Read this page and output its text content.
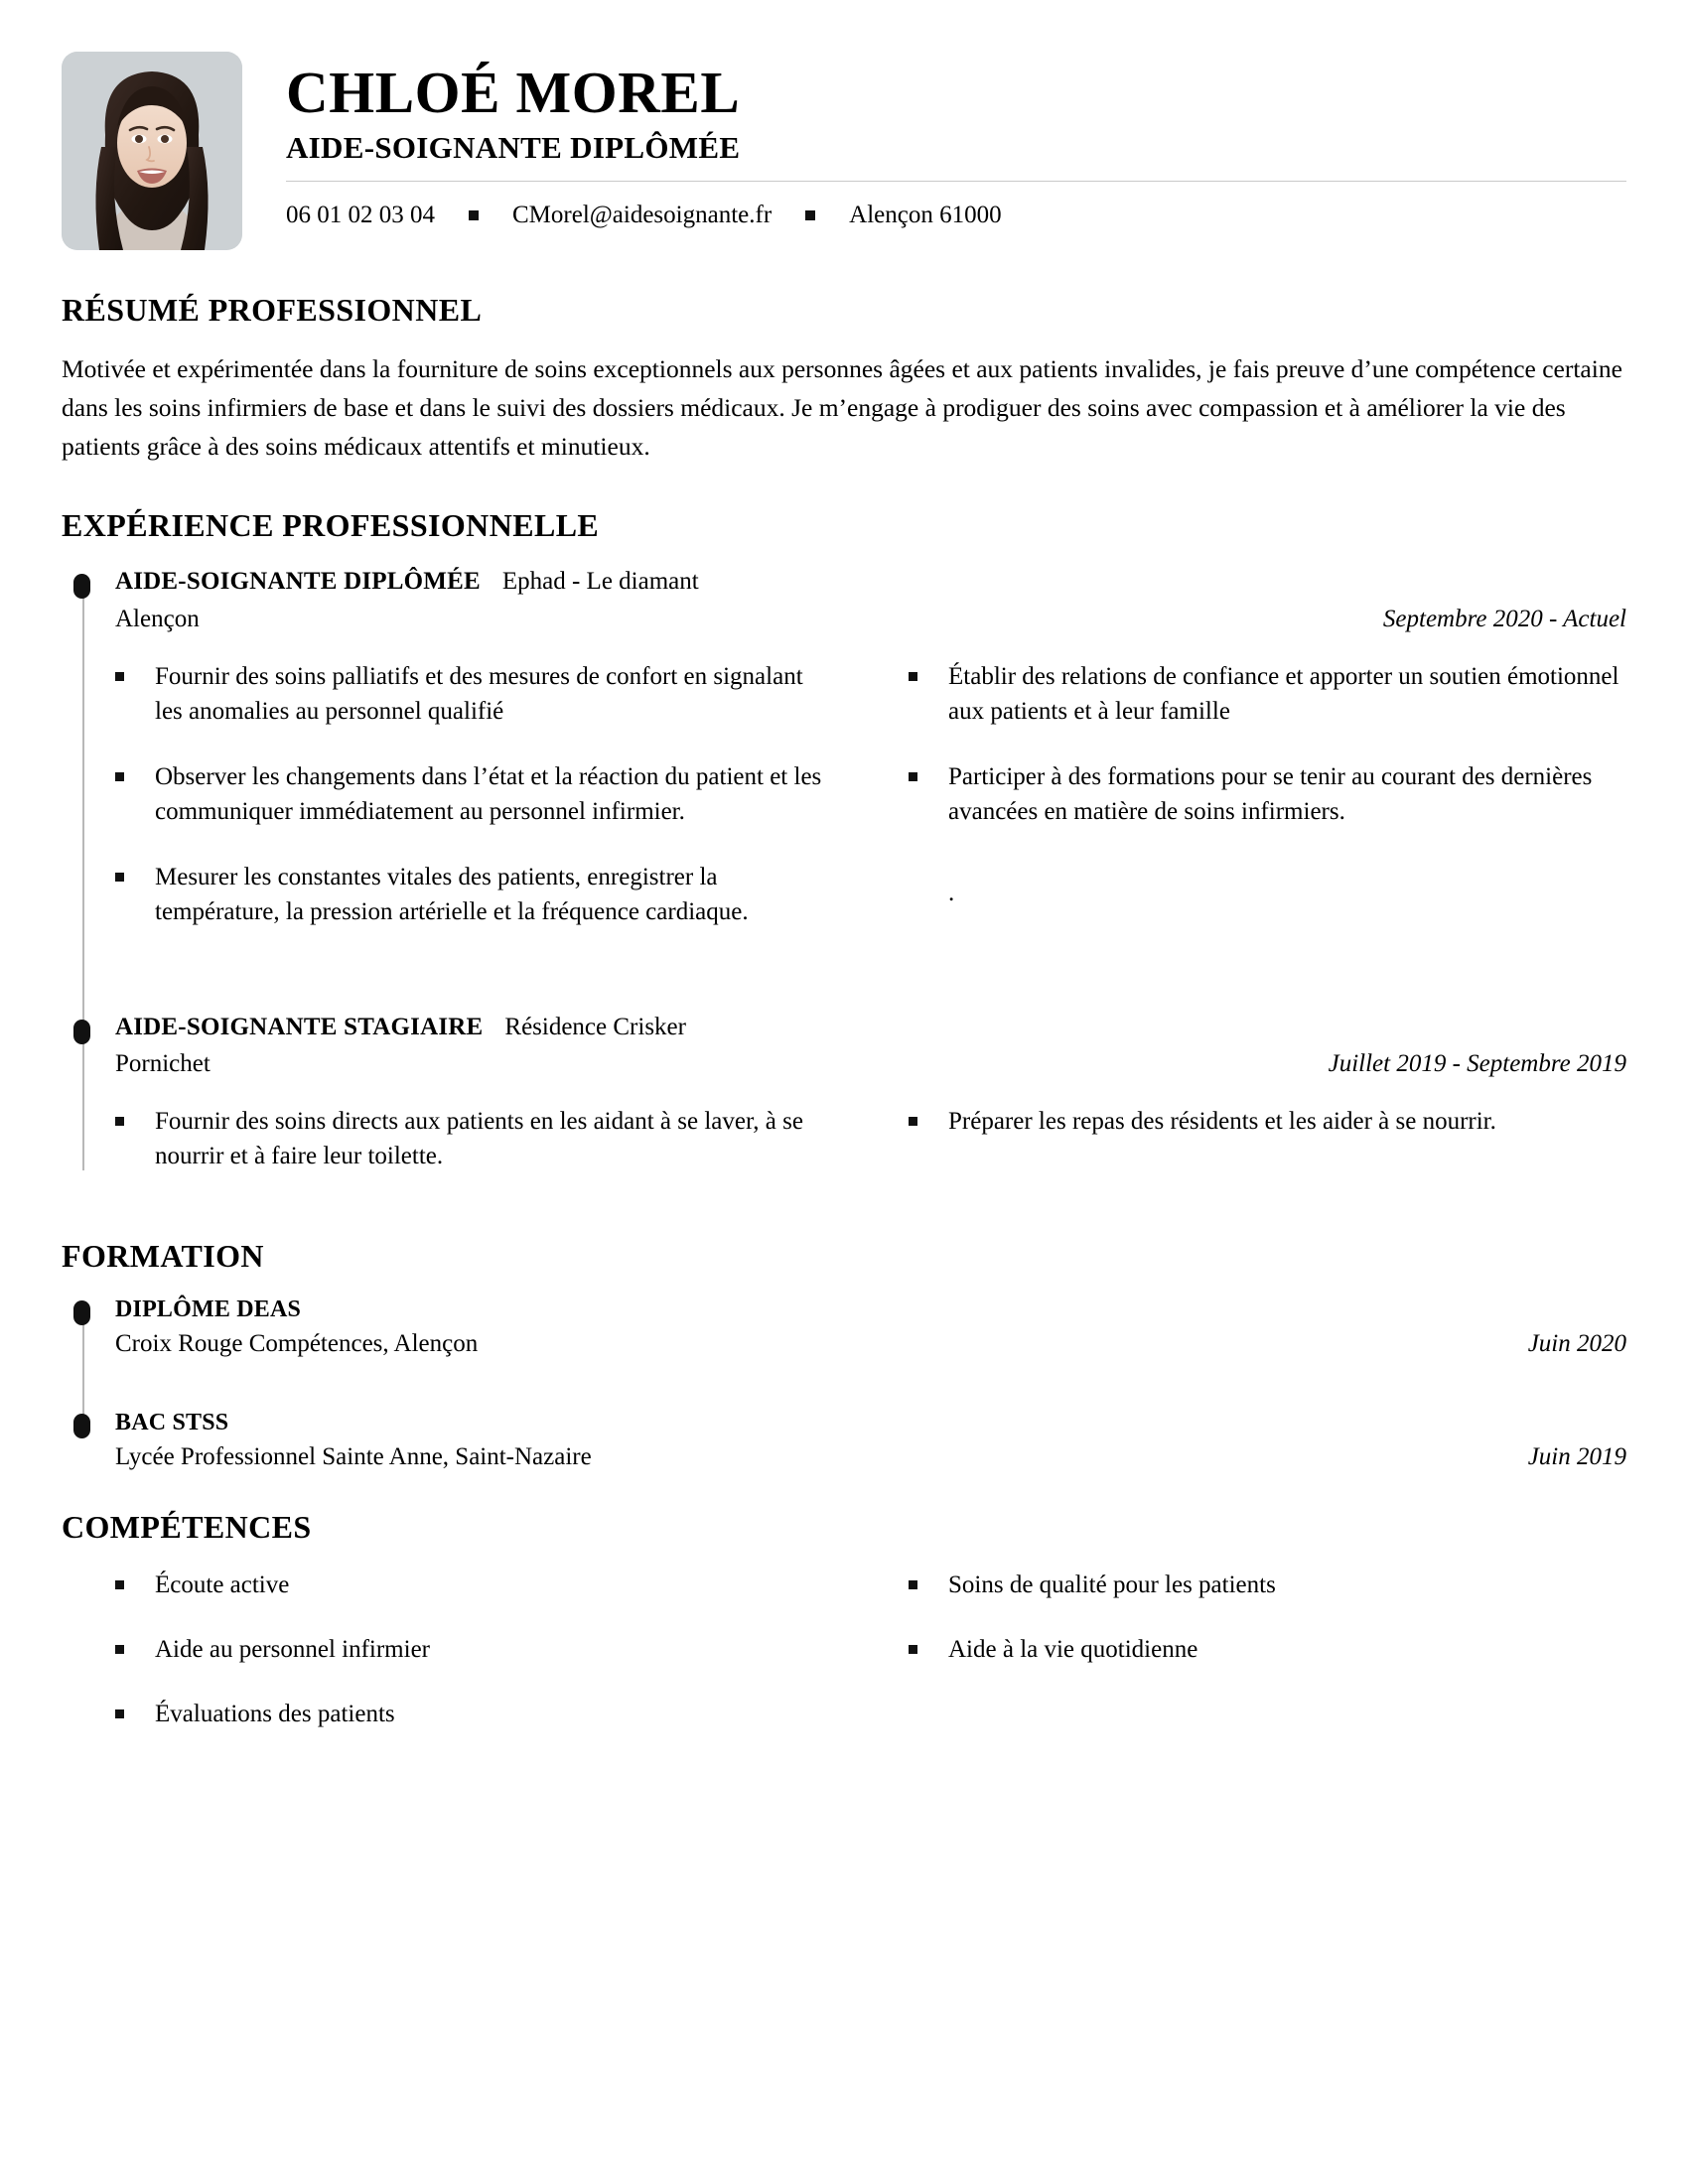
CHLOÉ MOREL
AIDE-SOIGNANTE DIPLÔMÉE
06 01 02 03 04	CMorel@aidesoignante.fr	Alençon 61000
RÉSUMÉ PROFESSIONNEL
Motivée et expérimentée dans la fourniture de soins exceptionnels aux personnes âgées et aux patients invalides, je fais preuve d’une compétence certaine dans les soins infirmiers de base et dans le suivi des dossiers médicaux. Je m’engage à prodiguer des soins avec compassion et à améliorer la vie des patients grâce à des soins médicaux attentifs et minutieux.
EXPÉRIENCE PROFESSIONNELLE
AIDE-SOIGNANTE DIPLÔMÉE Ephad - Le diamant
Alençon	Septembre 2020 - Actuel
Fournir des soins palliatifs et des mesures de confort en signalant les anomalies au personnel qualifié
Observer les changements dans l’état et la réaction du patient et les communiquer immédiatement au personnel infirmier.
Mesurer les constantes vitales des patients, enregistrer la température, la pression artérielle et la fréquence cardiaque.
Établir des relations de confiance et apporter un soutien émotionnel aux patients et à leur famille
Participer à des formations pour se tenir au courant des dernières avancées en matière de soins infirmiers.
.
AIDE-SOIGNANTE STAGIAIRE Résidence Crisker
Pornichet	Juillet 2019 - Septembre 2019
Fournir des soins directs aux patients en les aidant à se laver, à se nourrir et à faire leur toilette.
Préparer les repas des résidents et les aider à se nourrir.
FORMATION
DIPLÔME DEAS
Croix Rouge Compétences, Alençon	Juin 2020
BAC STSS
Lycée Professionnel Sainte Anne, Saint-Nazaire	Juin 2019
COMPÉTENCES
Écoute active
Aide au personnel infirmier
Évaluations des patients
Soins de qualité pour les patients
Aide à la vie quotidienne
